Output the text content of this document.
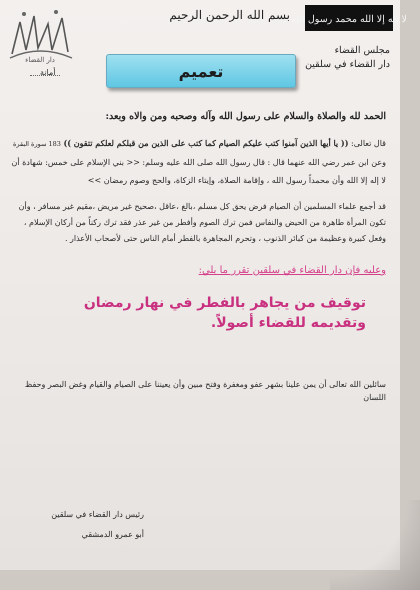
لا إله إلا الله محمد رسول الله
بسم الله الرحمن الرحيم
مجلس القضاء
دار القضاء في سلقين
دار القضاء
أمانة	تعميم
الحمد لله والصلاة والسلام على رسول الله وآله وصحبه ومن والاه وبعد:
قال تعالى: (( يا أيها الذين آمنوا كتب عليكم الصيام كما كتب على الذين من قبلكم لعلكم تتقون )) 183 سورة البقرة
وعن ابن عمر رضي الله عنهما قال : قال رسول الله صلى الله عليه وسلم: << بني الإسلام على خمس: شهادة أن لا إله إلا الله وأن محمداً رسول الله ، وإقامة الصلاة، وإيتاء الزكاة، والحج وصوم رمضان >>
قد أجمع علماء المسلمين أن الصيام فرض يحق كل مسلم ،بالغ ،عاقل ،صحيح غير مريض ،مقيم غير مسافر ، وأن تكون المرأة طاهرة من الحيض والنفاس فمن ترك الصوم وأفطر من غير عذر فقد ترك ركناً من أركان الإسلام ، وفعل كبيرة وعظيمة من كبائر الذنوب ، وتحرم المجاهرة بالفطر أمام الناس حتى لأصحاب الأعذار .
وعليه فإن دار القضاء في سلقين تقرر ما يلي:
توقيف من يجاهر بالفطر في نهار رمضان وتقديمه للقضاء أصولاً.
سائلين الله تعالى أن يمن علينا بشهر عفو ومغفرة وفتح مبين وأن يعيننا على الصيام والقيام وغض البصر وحفظ اللسان
رئيس دار القضاء في سلقين
أبو عمرو الدمشقي
